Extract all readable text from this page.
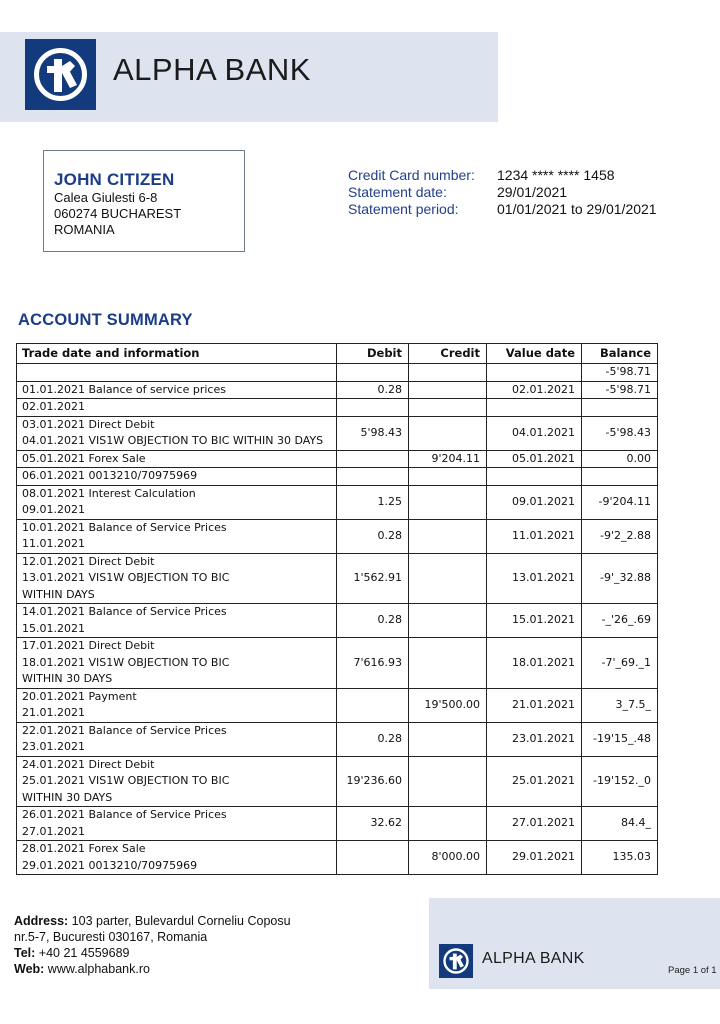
ALPHA BANK
JOHN CITIZEN
Calea Giulesti 6-8
060274 BUCHAREST
ROMANIA
Credit Card number:	1234 **** **** 1458
Statement date:	29/01/2021
Statement period:	01/01/2021 to 29/01/2021
ACCOUNT SUMMARY
Trade date and information	Debit	Credit	Value date	Balance

				-5'98.71

01.01.2021 Balance of service prices	0.28		02.01.2021	-5'98.71

02.01.2021				

03.01.2021 Direct Debit
04.01.2021 VIS1W OBJECTION TO BIC WITHIN 30 DAYS	5'98.43		04.01.2021	-5'98.43

05.01.2021 Forex Sale		9'204.11	05.01.2021	0.00

06.01.2021 0013210/70975969				

08.01.2021 Interest Calculation
09.01.2021	1.25		09.01.2021	-9'204.11

10.01.2021 Balance of Service Prices
11.01.2021	0.28		11.01.2021	-9'2_2.88

12.01.2021 Direct Debit
13.01.2021 VIS1W OBJECTION TO BIC
WITHIN DAYS	1'562.91		13.01.2021	-9'_32.88

14.01.2021 Balance of Service Prices
15.01.2021	0.28		15.01.2021	-_'26_.69

17.01.2021 Direct Debit
18.01.2021 VIS1W OBJECTION TO BIC
WITHIN 30 DAYS	7'616.93		18.01.2021	-7'_69._1

20.01.2021 Payment
21.01.2021		19'500.00	21.01.2021	3_7.5_

22.01.2021 Balance of Service Prices
23.01.2021	0.28		23.01.2021	-19'15_.48

24.01.2021 Direct Debit
25.01.2021 VIS1W OBJECTION TO BIC
WITHIN 30 DAYS	19'236.60		25.01.2021	-19'152._0

26.01.2021 Balance of Service Prices
27.01.2021	32.62		27.01.2021	84.4_

28.01.2021 Forex Sale
29.01.2021 0013210/70975969		8'000.00	29.01.2021	135.03
Address: 103 parter, Bulevardul Corneliu Coposu
nr.5-7, Bucuresti 030167, Romania
Tel: +40 21 4559689
Web: www.alphabank.ro
ALPHA BANK
Page 1 of 1
